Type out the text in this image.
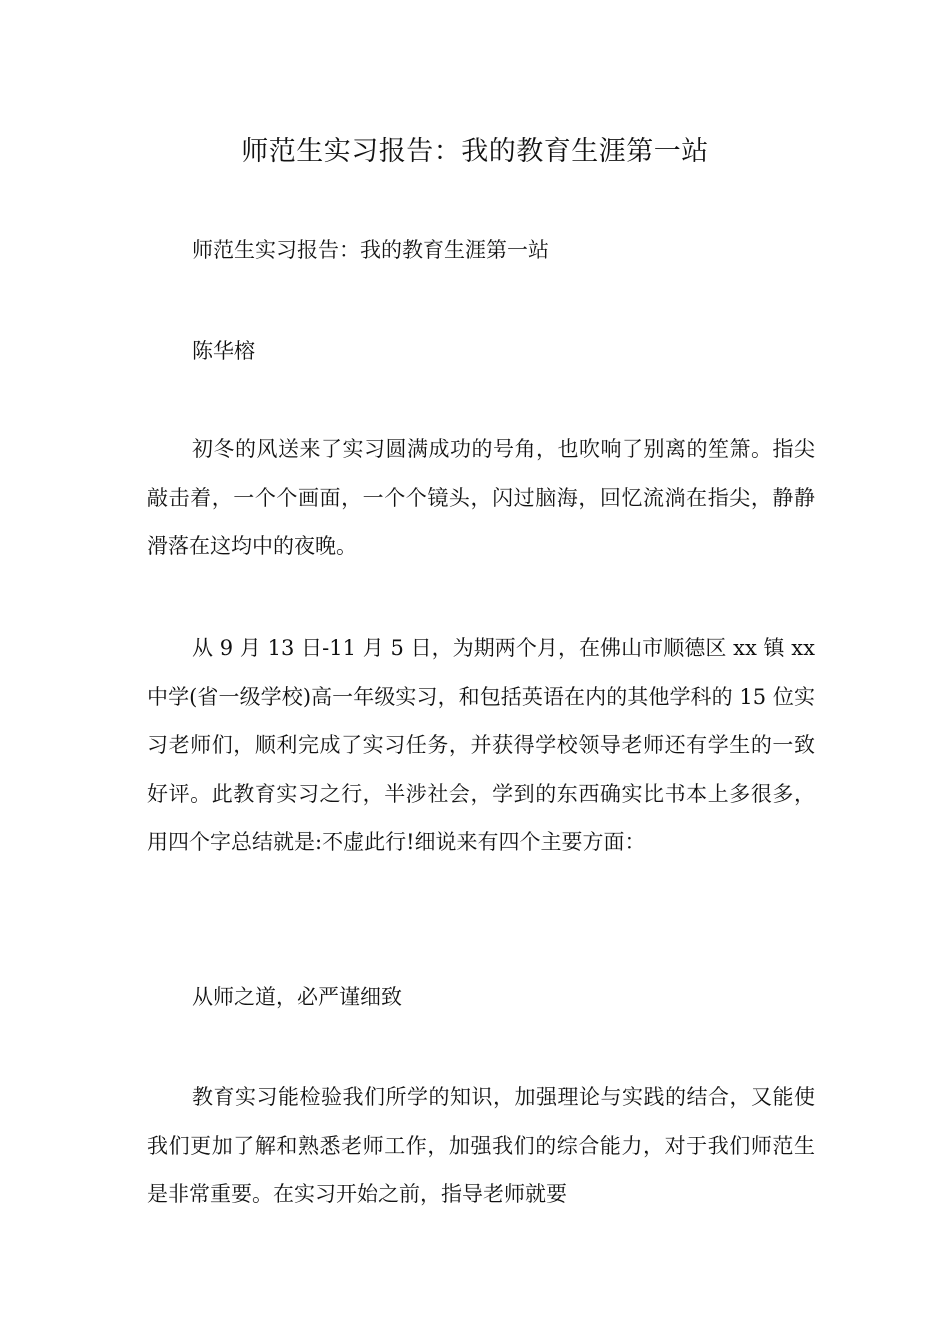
师范生实习报告：我的教育生涯第一站

师范生实习报告：我的教育生涯第一站

陈华榕

初冬的风送来了实习圆满成功的号角，也吹响了别离的笙箫。指尖敲击着，一个个画面，一个个镜头，闪过脑海，回忆流淌在指尖，静静滑落在这均中的夜晚。

从 9 月 13 日-11 月 5 日，为期两个月，在佛山市顺德区 xx 镇 xx 中学(省一级学校)高一年级实习，和包括英语在内的其他学科的 15 位实习老师们，顺利完成了实习任务，并获得学校领导老师还有学生的一致好评。此教育实习之行，半涉社会，学到的东西确实比书本上多很多，用四个字总结就是:不虚此行!细说来有四个主要方面：

从师之道，必严谨细致

教育实习能检验我们所学的知识，加强理论与实践的结合，又能使我们更加了解和熟悉老师工作，加强我们的综合能力，对于我们师范生是非常重要。在实习开始之前，指导老师就要
